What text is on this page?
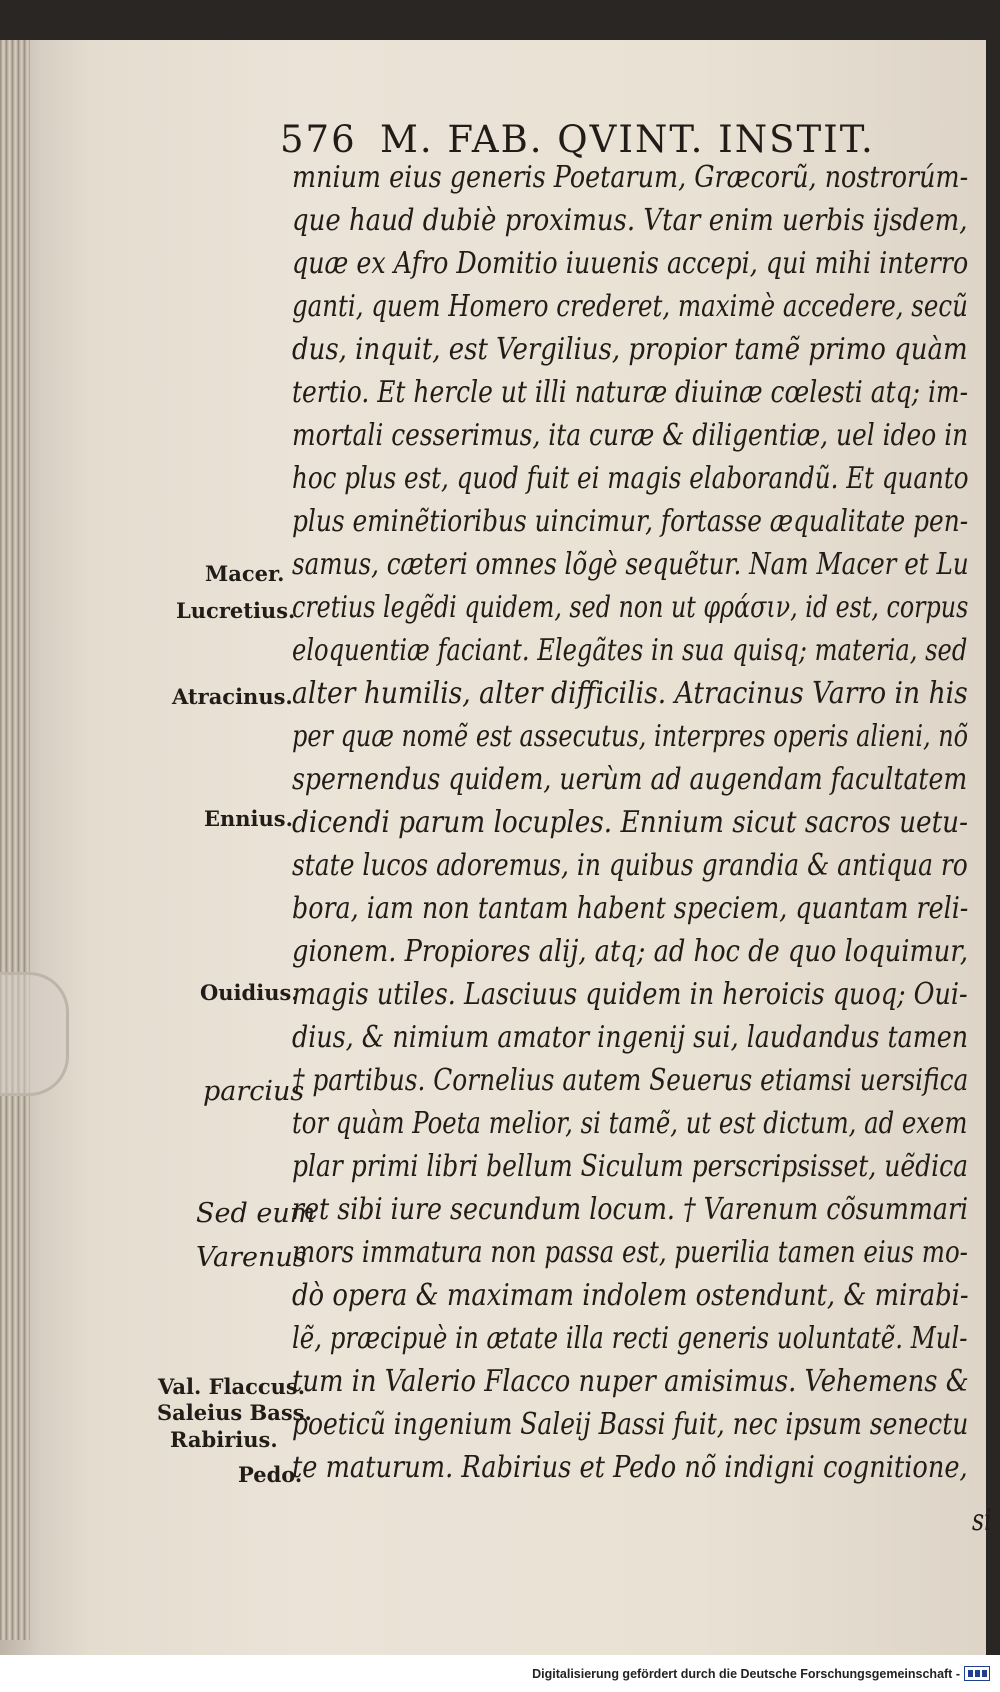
576 M. FAB. QVINT. INSTIT.
mnium eius generis Poetarum, Græcorũ, nostrorúm-
que haud dubiè proximus. Vtar enim uerbis ijsdem,
quæ ex Afro Domitio iuuenis accepi, qui mihi interro
ganti, quem Homero crederet, maximè accedere, secũ
dus, inquit, est Vergilius, propior tamẽ primo quàm
tertio. Et hercle ut illi naturæ diuinæ cœlesti atq; im-
mortali cesserimus, ita curæ & diligentiæ, uel ideo in
hoc plus est, quod fuit ei magis elaborandũ. Et quanto
plus eminẽtioribus uincimur, fortasse æqualitate pen-
samus, cæteri omnes lõgè sequẽtur. Nam Macer et Lu
cretius legẽdi quidem, sed non ut φράσιν, id est, corpus
eloquentiæ faciant. Elegãtes in sua quisq; materia, sed
alter humilis, alter difficilis. Atracinus Varro in his
per quæ nomẽ est assecutus, interpres operis alieni, nõ
spernendus quidem, uerùm ad augendam facultatem
dicendi parum locuples. Ennium sicut sacros uetu-
state lucos adoremus, in quibus grandia & antiqua ro
bora, iam non tantam habent speciem, quantam reli-
gionem. Propiores alij, atq; ad hoc de quo loquimur,
magis utiles. Lasciuus quidem in heroicis quoq; Oui-
dius, & nimium amator ingenij sui, laudandus tamen
† partibus. Cornelius autem Seuerus etiamsi uersifica
tor quàm Poeta melior, si tamẽ, ut est dictum, ad exem
plar primi libri bellum Siculum perscripsisset, uẽdica
ret sibi iure secundum locum. † Varenum cõsummari
mors immatura non passa est, puerilia tamen eius mo-
dò opera & maximam indolem ostendunt, & mirabi-
lẽ, præcipuè in ætate illa recti generis uoluntatẽ. Mul-
tum in Valerio Flacco nuper amisimus. Vehemens &
poeticũ ingenium Saleij Bassi fuit, nec ipsum senectu
te maturum. Rabirius et Pedo nõ indigni cognitione,
si
Macer.
Lucretius.
Atracinus.
Ennius.
Ouidius.
parcius
Sed eum
Varenus
Val. Flaccus.
Saleius Bass.
Rabirius.
Pedo.
Digitalisierung gefördert durch die Deutsche Forschungsgemeinschaft -
